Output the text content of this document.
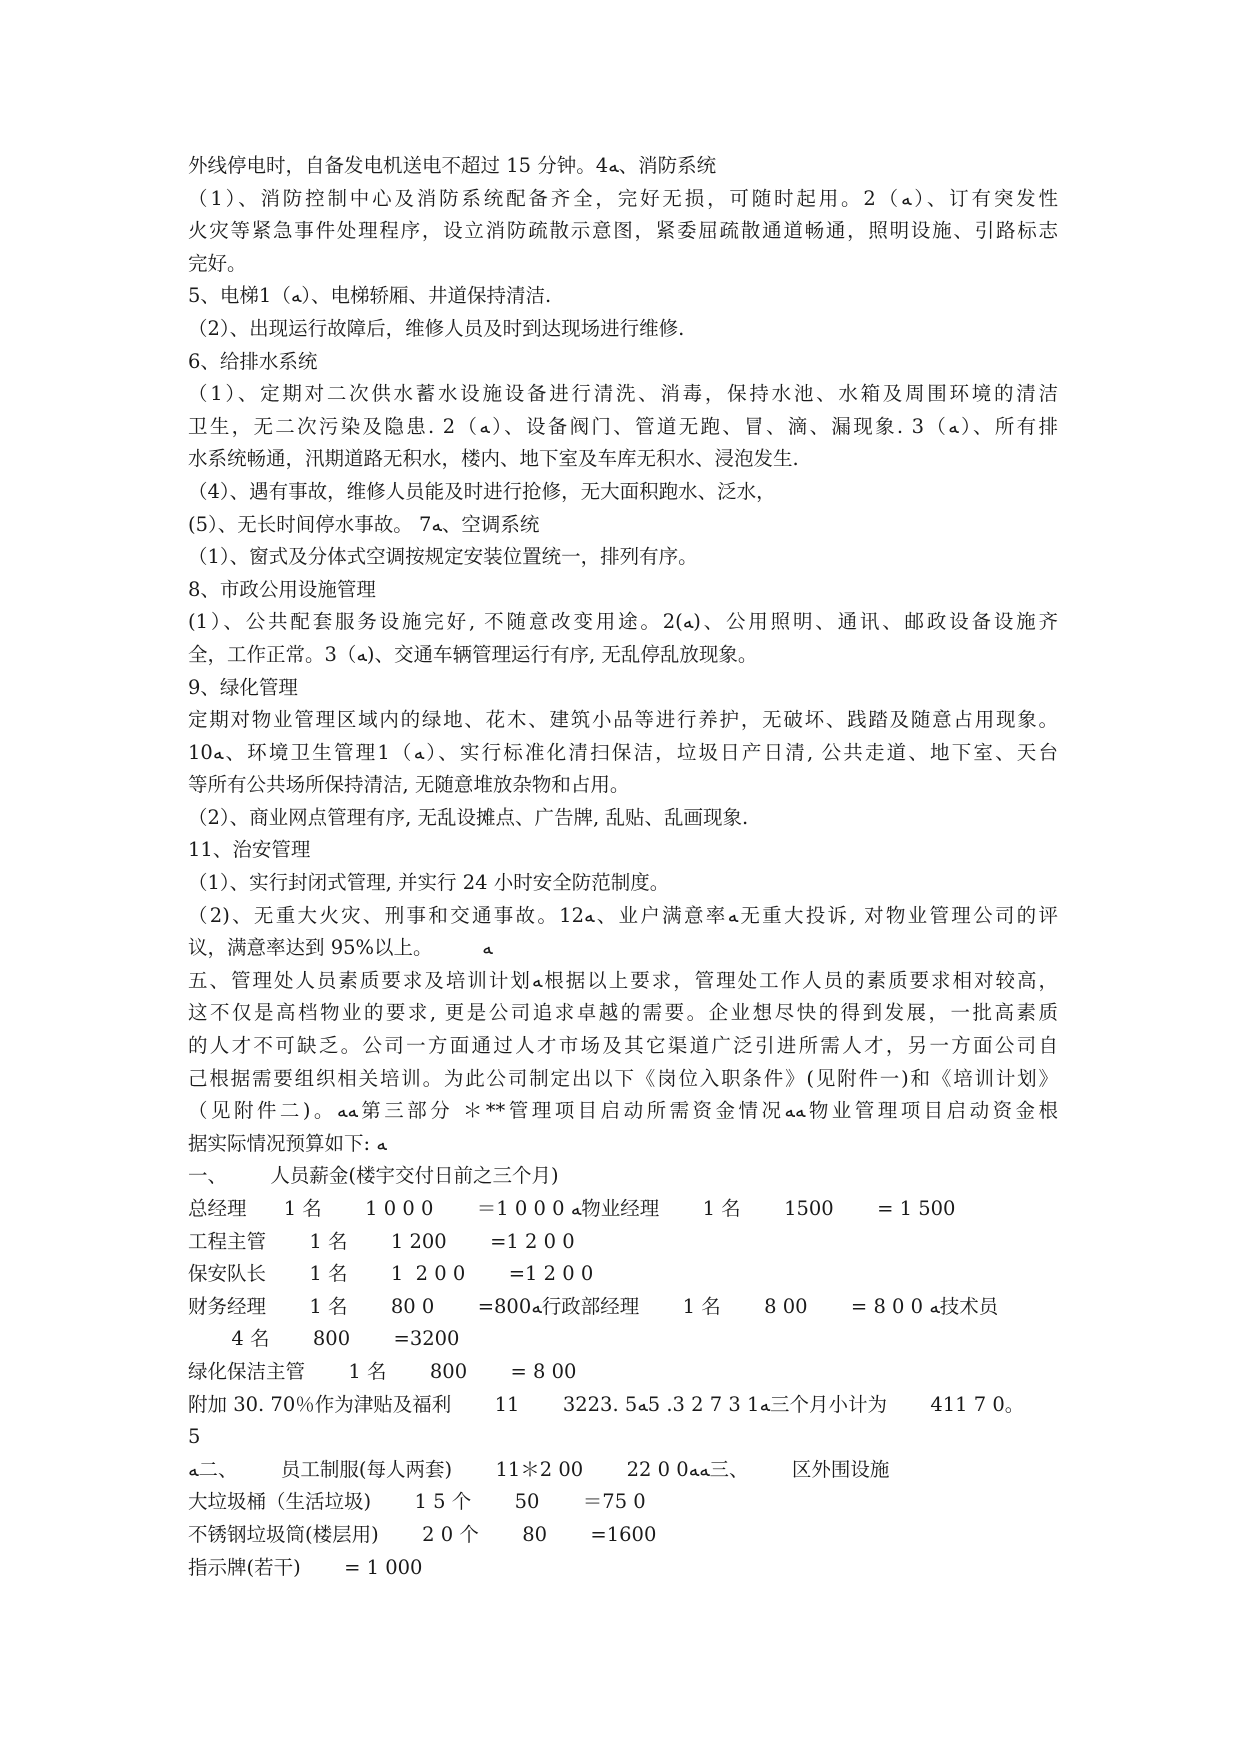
外线停电时，自备发电机送电不超过 15 分钟。4ﻪ、消防系统
（1）、消防控制中心及消防系统配备齐全，完好无损，可随时起用。2（ﻪ）、订有突发性
火灾等紧急事件处理程序，设立消防疏散示意图，紧委屈疏散通道畅通，照明设施、引路标志
完好。
5、电梯1（ﻪ）、电梯轿厢、井道保持清洁.
（2）、出现运行故障后，维修人员及时到达现场进行维修.
6、给排水系统
（1）、定期对二次供水蓄水设施设备进行清洗、消毒，保持水池、水箱及周围环境的清洁
卫生，无二次污染及隐患. 2（ﻪ）、设备阀门、管道无跑、冒、滴、漏现象. 3（ﻪ）、所有排
水系统畅通，汛期道路无积水，楼内、地下室及车库无积水、浸泡发生.
（4）、遇有事故，维修人员能及时进行抢修，无大面积跑水、泛水，
(5）、无长时间停水事故。 7ﻪ、空调系统
（1）、窗式及分体式空调按规定安装位置统一，排列有序。
8、市政公用设施管理
(1）、公共配套服务设施完好, 不随意改变用途。2(ﻪ)、公用照明、通讯、邮政设备设施齐
全，工作正常。3（ﻪ)、交通车辆管理运行有序, 无乱停乱放现象。
9、绿化管理
定期对物业管理区域内的绿地、花木、建筑小品等进行养护，无破坏、践踏及随意占用现象。
10ﻪ、环境卫生管理1（ﻪ）、实行标准化清扫保洁，垃圾日产日清, 公共走道、地下室、天台
等所有公共场所保持清洁, 无随意堆放杂物和占用。
（2）、商业网点管理有序, 无乱设摊点、广告牌, 乱贴、乱画现象.
11、治安管理
（1）、实行封闭式管理, 并实行 24 小时安全防范制度。
（2)、无重大火灾、刑事和交通事故。12ﻪ、业户满意率ﻪ无重大投诉, 对物业管理公司的评
议，满意率达到 95%以上。        ﻪ
五、管理处人员素质要求及培训计划ﻪ根据以上要求，管理处工作人员的素质要求相对较高，
这不仅是高档物业的要求, 更是公司追求卓越的需要。企业想尽快的得到发展，一批高素质
的人才不可缺乏。公司一方面通过人才市场及其它渠道广泛引进所需人才，另一方面公司自
己根据需要组织相关培训。为此公司制定出以下《岗位入职条件》(见附件一)和《培训计划》
（见附件二)。ﻪﻪ第三部分 ＊**管理项目启动所需资金情况ﻪﻪ物业管理项目启动资金根
据实际情况预算如下: ﻪ
一、       人员薪金(楼宇交付日前之三个月)
总经理      1 名       1 0 0 0       ＝1 0 0 0 ﻪ物业经理       1 名       1500       = 1 500
工程主管       1 名       1 200       =1 2 0 0
保安队长       1 名       1  2 0 0       =1 2 0 0
财务经理       1 名       80 0       =800ﻪ行政部经理       1 名       8 00       = 8 0 0 ﻪ技术员
4 名       800       =3200
绿化保洁主管       1 名       800       = 8 00
附加 30. 70％作为津贴及福利       11       3223. 5ﻪ1 3 7 2 3. 5ﻪ三个月小计为       411 7 0。
5
ﻪ二、       员工制服(每人两套)       11＊2 00       22 0 0ﻪﻪ三、       区外围设施
大垃圾桶（生活垃圾)       1 5 个       50       ＝75 0
不锈钢垃圾筒(楼层用)       2 0 个       80       =1600
指示牌(若干)       = 1 000
